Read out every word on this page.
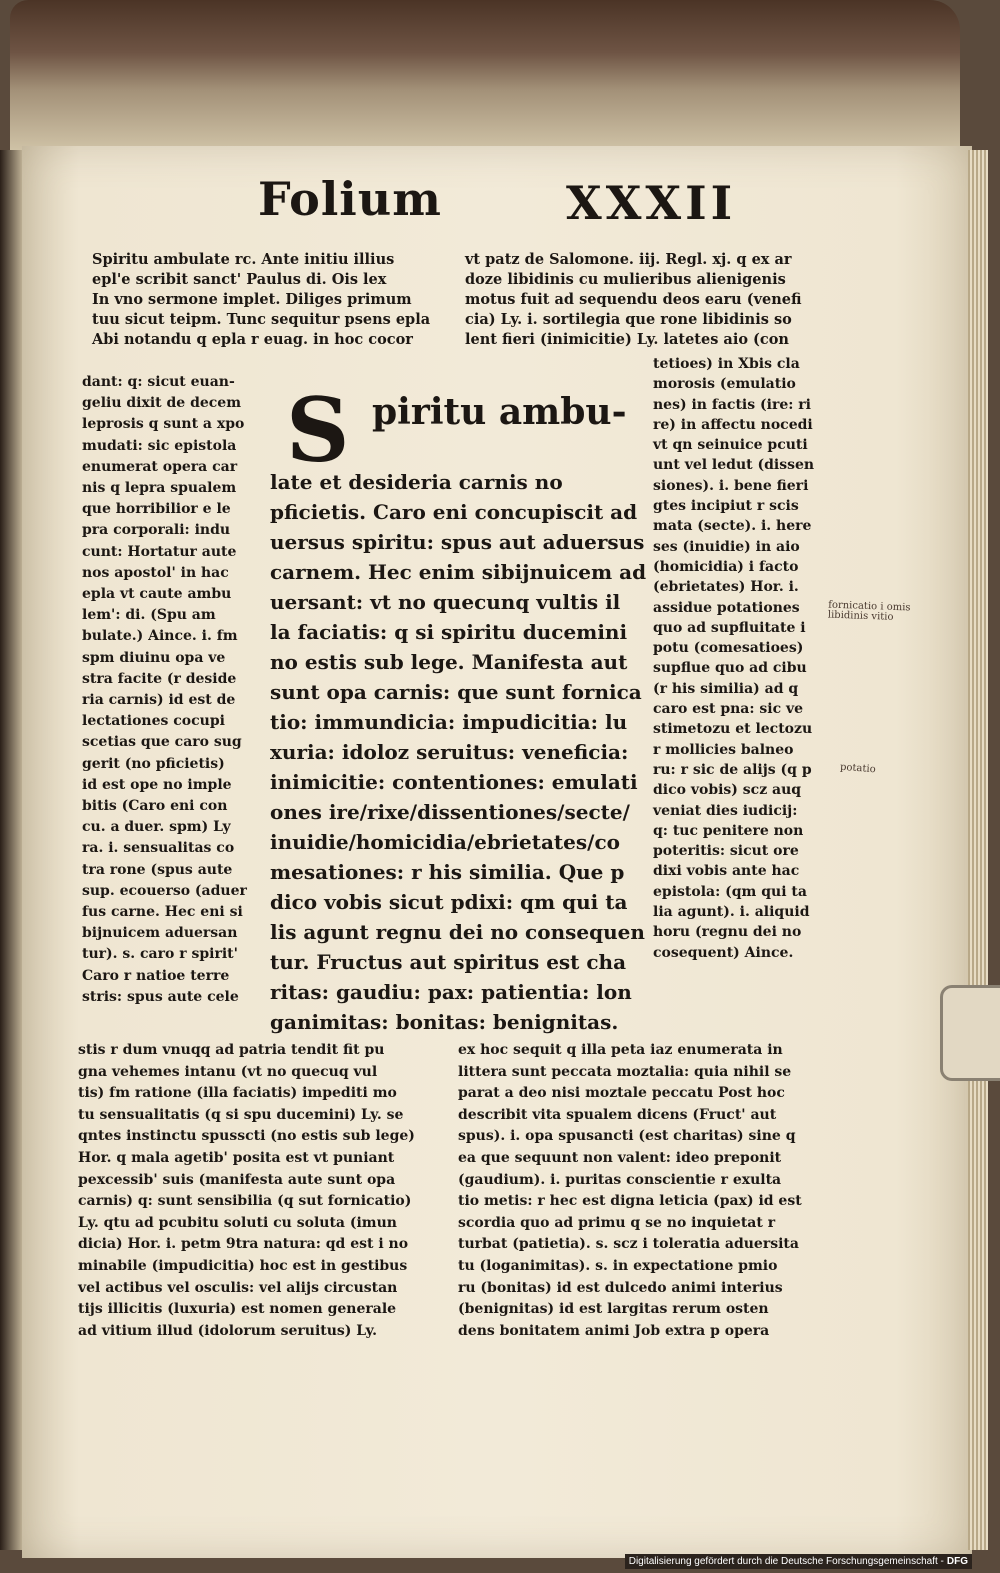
Folium	XXXII
Spiritu ambulate rc. Ante initiu illius
epl'e scribit sanct' Paulus di. Ois lex
In vno sermone implet. Diliges primum
tuu sicut teipm. Tunc sequitur psens epla
Abi notandu q epla r euag. in hoc cocor
vt patz de Salomone. iij. Regl. xj. q ex ar
doze libidinis cu mulieribus alienigenis
motus fuit ad sequendu deos earu (venefi
cia) Ly. i. sortilegia que rone libidinis so
lent fieri (inimicitie) Ly. latetes aio (con
dant: q: sicut euan-
geliu dixit de decem
leprosis q sunt a xpo
mudati: sic epistola
enumerat opera car
nis q lepra spualem
que horribilior e le
pra corporali: indu
cunt: Hortatur aute
nos apostol' in hac
epla vt caute ambu
lem': di. (Spu am
bulate.) Aince. i. fm
spm diuinu opa ve
stra facite (r deside
ria carnis) id est de
lectationes cocupi
scetias que caro sug
gerit (no pficietis)
id est ope no imple
bitis (Caro eni con
cu. a duer. spm) Ly
ra. i. sensualitas co
tra rone (spus aute
sup. ecouerso (aduer
fus carne. Hec eni si
bijnuicem aduersan
tur). s. caro r spirit'
Caro r natioe terre
stris: spus aute cele
tetioes) in Xbis cla
morosis (emulatio
nes) in factis (ire: ri
re) in affectu nocedi
vt qn seinuice pcuti
unt vel ledut (dissen
siones). i. bene fieri
gtes incipiut r scis
mata (secte). i. here
ses (inuidie) in aio
(homicidia) i facto
(ebrietates) Hor. i.
assidue potationes
quo ad supfluitate i
potu (comesatioes)
supflue quo ad cibu
(r his similia) ad q
caro est pna: sic ve
stimetozu et lectozu
r mollicies balneo
ru: r sic de alijs (q p
dico vobis) scz auq
veniat dies iudicij:
q: tuc penitere non
poteritis: sicut ore
dixi vobis ante hac
epistola: (qm qui ta
lia agunt). i. aliquid
horu (regnu dei no
cosequent) Aince.
S piritu ambu-
late et desideria carnis no
pficietis. Caro eni concupiscit ad
uersus spiritu: spus aut aduersus
carnem. Hec enim sibijnuicem ad
uersant: vt no quecunq vultis il
la faciatis: q si spiritu ducemini
no estis sub lege. Manifesta aut
sunt opa carnis: que sunt fornica
tio: immundicia: impudicitia: lu
xuria: idoloz seruitus: veneficia:
inimicitie: contentiones: emulati
ones ire/rixe/dissentiones/secte/
inuidie/homicidia/ebrietates/co
mesationes: r his similia. Que p
dico vobis sicut pdixi: qm qui ta
lis agunt regnu dei no consequen
tur. Fructus aut spiritus est cha
ritas: gaudiu: pax: patientia: lon
ganimitas: bonitas: benignitas.
stis r dum vnuqq ad patria tendit fit pu
gna vehemes intanu (vt no quecuq vul
tis) fm ratione (illa faciatis) impediti mo
tu sensualitatis (q si spu ducemini) Ly. se
qntes instinctu spusscti (no estis sub lege)
Hor. q mala agetib' posita est vt puniant
pexcessib' suis (manifesta aute sunt opa
carnis) q: sunt sensibilia (q sut fornicatio)
Ly. qtu ad pcubitu soluti cu soluta (imun
dicia) Hor. i. petm 9tra natura: qd est i no
minabile (impudicitia) hoc est in gestibus
vel actibus vel osculis: vel alijs circustan
tijs illicitis (luxuria) est nomen generale
ad vitium illud (idolorum seruitus) Ly.
ex hoc sequit q illa peta iaz enumerata in
littera sunt peccata moztalia: quia nihil se
parat a deo nisi moztale peccatu Post hoc
describit vita spualem dicens (Fruct' aut
spus). i. opa spusancti (est charitas) sine q
ea que sequunt non valent: ideo preponit
(gaudium). i. puritas conscientie r exulta
tio metis: r hec est digna leticia (pax) id est
scordia quo ad primu q se no inquietat r
turbat (patietia). s. scz i toleratia aduersita
tu (loganimitas). s. in expectatione pmio
ru (bonitas) id est dulcedo animi interius
(benignitas) id est largitas rerum osten
dens bonitatem animi Job extra p opera
fornicatio i omis
libidinis vitio
potatio
Digitalisierung gefördert durch die Deutsche Forschungsgemeinschaft - DFG
